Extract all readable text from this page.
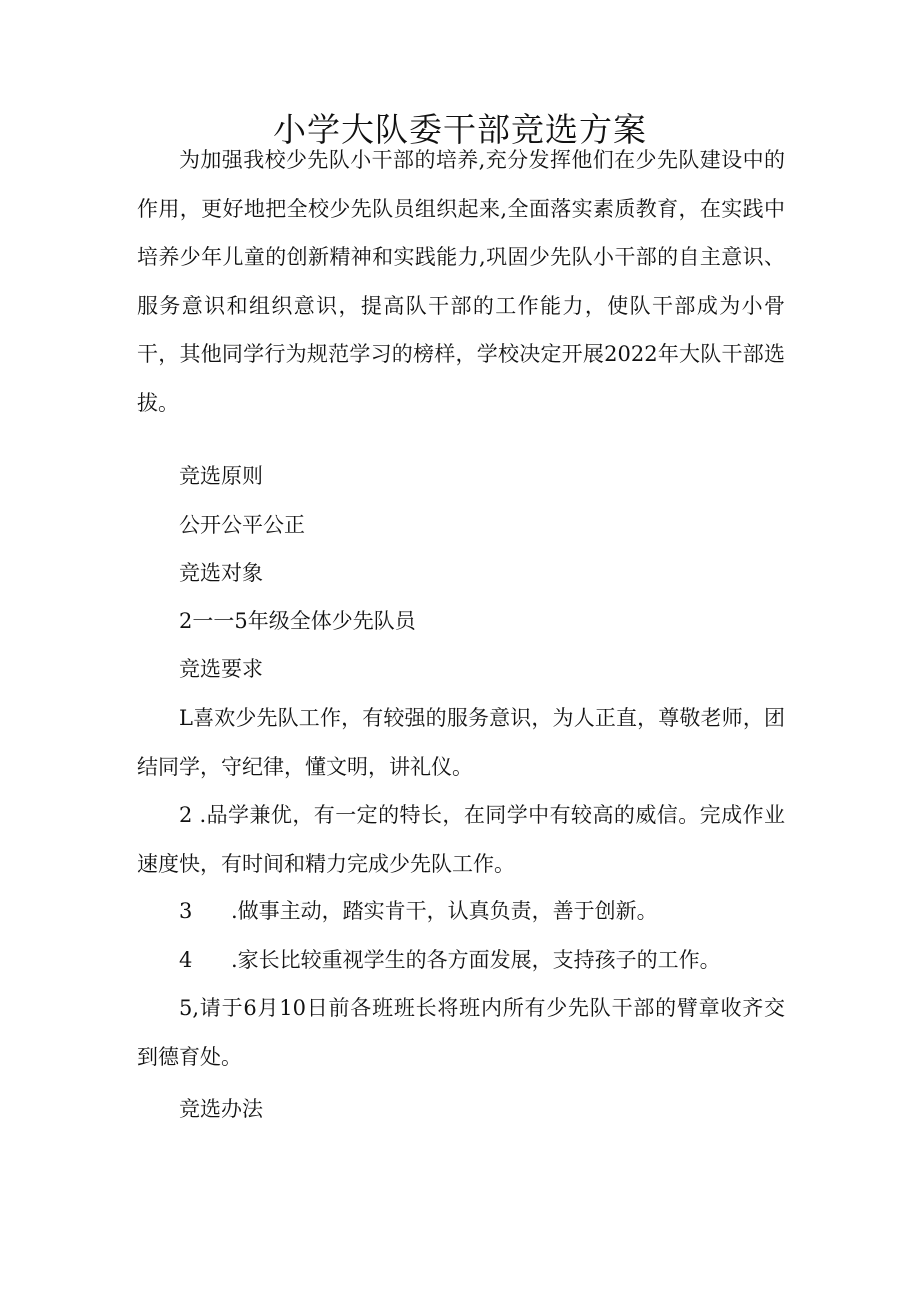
小学大队委干部竞选方案

为加强我校少先队小干部的培养,充分发挥他们在少先队建设中的作用，更好地把全校少先队员组织起来,全面落实素质教育，在实践中培养少年儿童的创新精神和实践能力,巩固少先队小干部的自主意识、服务意识和组织意识，提高队干部的工作能力，使队干部成为小骨干，其他同学行为规范学习的榜样，学校决定开展2022年大队干部选拔。

竞选原则

公开公平公正

竞选对象

2一一5年级全体少先队员

竞选要求

L喜欢少先队工作，有较强的服务意识，为人正直，尊敬老师，团结同学，守纪律，懂文明，讲礼仪。

2 .品学兼优，有一定的特长，在同学中有较高的威信。完成作业速度快，有时间和精力完成少先队工作。

3 .做事主动，踏实肯干，认真负责，善于创新。

4 .家长比较重视学生的各方面发展，支持孩子的工作。

5,请于6月10日前各班班长将班内所有少先队干部的臂章收齐交到德育处。

竞选办法
